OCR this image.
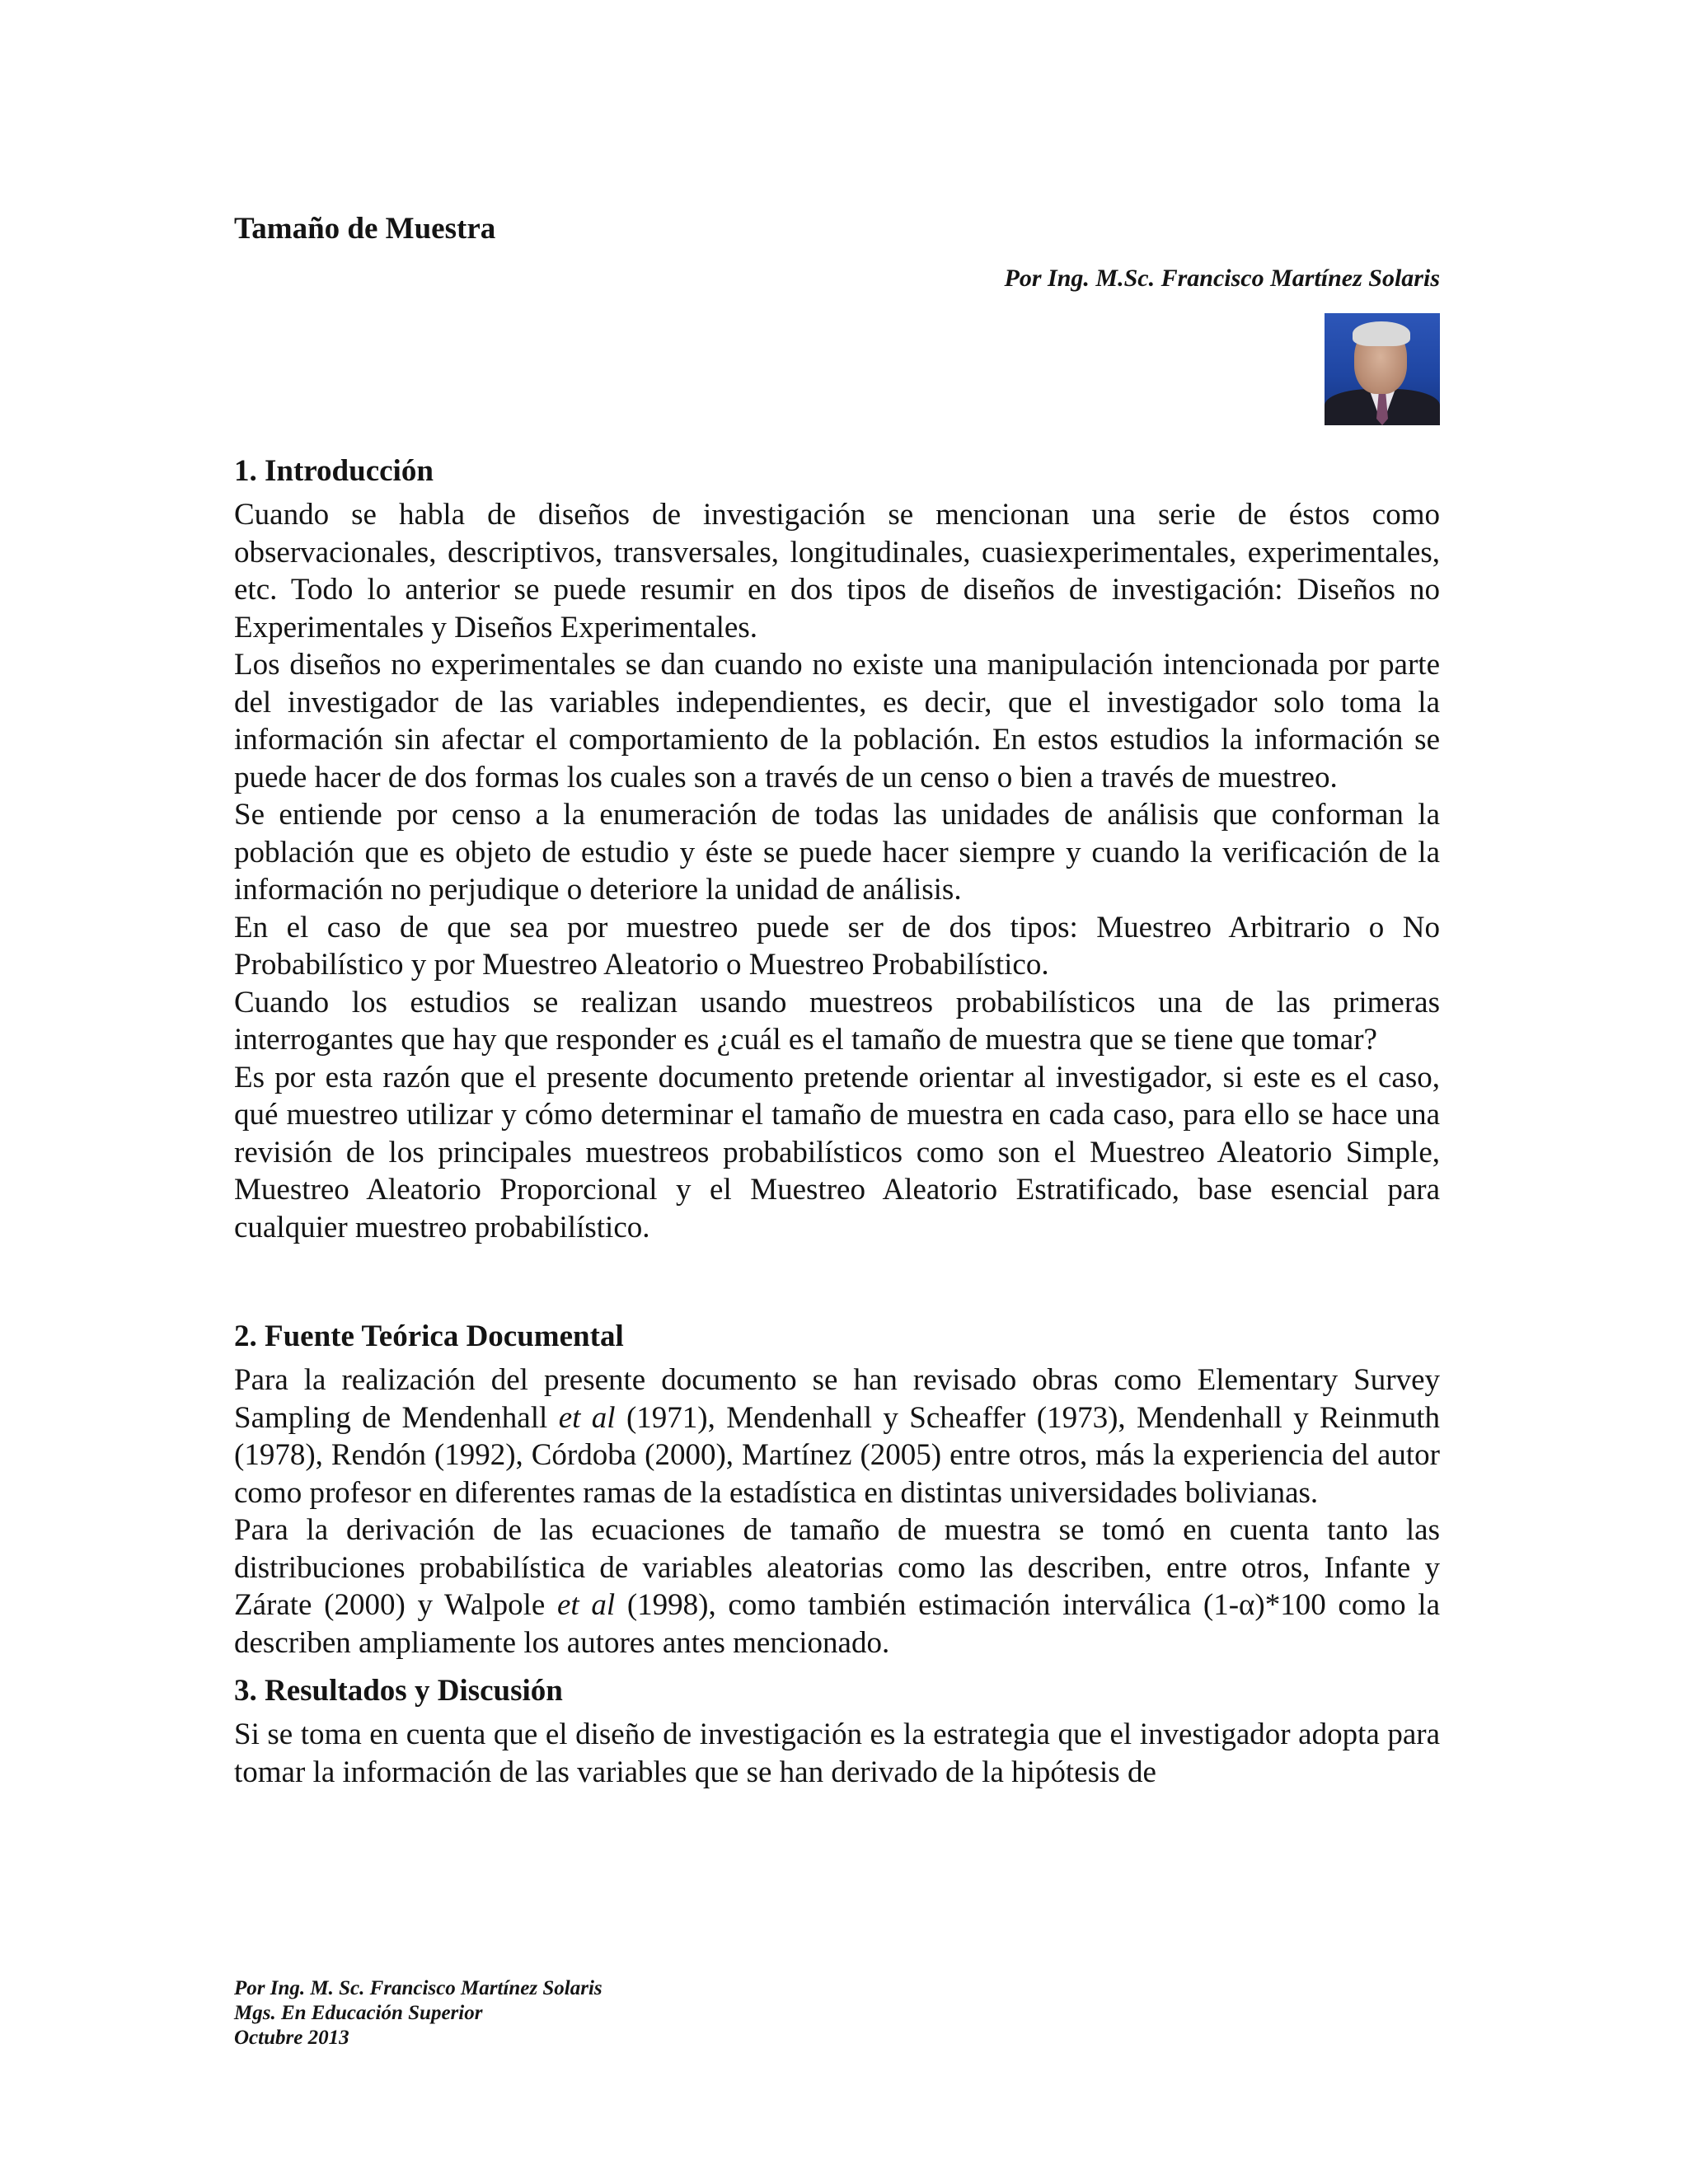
Tamaño de Muestra
Por Ing. M.Sc. Francisco Martínez Solaris
1. Introducción

Cuando se habla de diseños de investigación se mencionan una serie de éstos como observacionales, descriptivos, transversales, longitudinales, cuasiexperimentales, experimentales, etc. Todo lo anterior se puede resumir en dos tipos de diseños de investigación: Diseños no Experimentales y Diseños Experimentales.

Los diseños no experimentales se dan cuando no existe una manipulación intencionada por parte del investigador de las variables independientes, es decir, que el investigador solo toma la información sin afectar el comportamiento de la población. En estos estudios la información se puede hacer de dos formas los cuales son a través de un censo o bien a través de muestreo.

Se entiende por censo a la enumeración de todas las unidades de análisis que conforman la población que es objeto de estudio y éste se puede hacer siempre y cuando la verificación de la información no perjudique o deteriore la unidad de análisis.

En el caso de que sea por muestreo puede ser de dos tipos: Muestreo Arbitrario o No Probabilístico y por Muestreo Aleatorio o Muestreo Probabilístico.

Cuando los estudios se realizan usando muestreos probabilísticos una de las primeras interrogantes que hay que responder es ¿cuál es el tamaño de muestra que se tiene que tomar?

Es por esta razón que el presente documento pretende orientar al investigador, si este es el caso, qué muestreo utilizar y cómo determinar el tamaño de muestra en cada caso, para ello se hace una revisión de los principales muestreos probabilísticos como son el Muestreo Aleatorio Simple, Muestreo Aleatorio Proporcional y el Muestreo Aleatorio Estratificado, base esencial para cualquier muestreo probabilístico.

2. Fuente Teórica Documental

Para la realización del presente documento se han revisado obras como Elementary Survey Sampling de Mendenhall et al (1971), Mendenhall y Scheaffer (1973), Mendenhall y Reinmuth (1978), Rendón (1992), Córdoba (2000), Martínez (2005) entre otros, más la experiencia del autor como profesor en diferentes ramas de la estadística en distintas universidades bolivianas.

Para la derivación de las ecuaciones de tamaño de muestra se tomó en cuenta tanto las distribuciones probabilística de variables aleatorias como las describen, entre otros, Infante y Zárate (2000) y Walpole et al (1998), como también estimación interválica (1-α)*100 como la describen ampliamente los autores antes mencionado.

3. Resultados y Discusión

Si se toma en cuenta que el diseño de investigación es la estrategia que el investigador adopta para tomar la información de las variables que se han derivado de la hipótesis de

Por Ing. M. Sc. Francisco Martínez Solaris
Mgs. En Educación Superior
Octubre 2013
